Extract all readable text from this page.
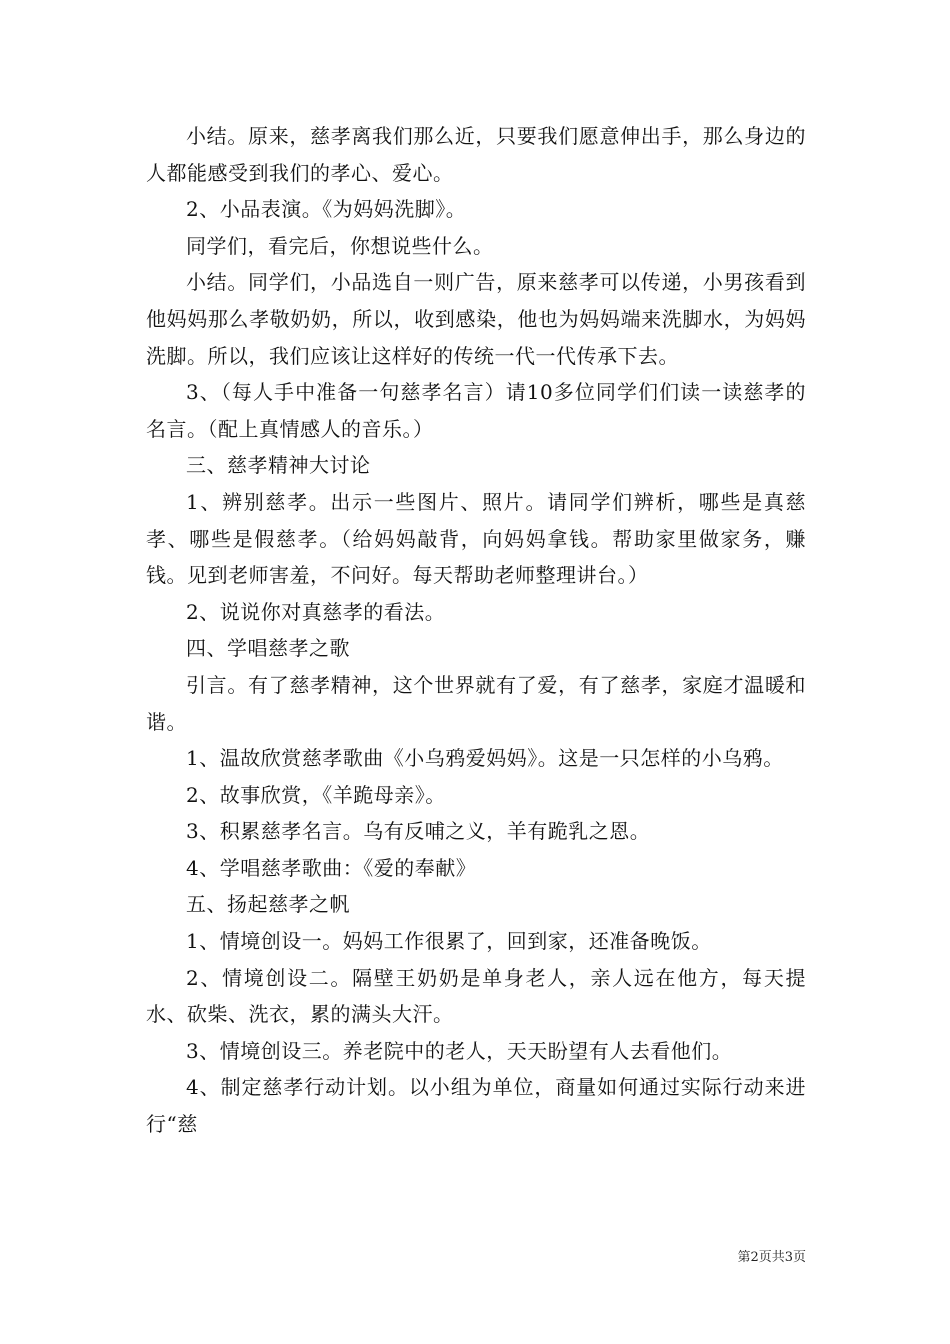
小结。原来，慈孝离我们那么近，只要我们愿意伸出手，那么身边的人都能感受到我们的孝心、爱心。

2、小品表演。《为妈妈洗脚》。

同学们，看完后，你想说些什么。

小结。同学们，小品选自一则广告，原来慈孝可以传递，小男孩看到他妈妈那么孝敬奶奶，所以，收到感染，他也为妈妈端来洗脚水，为妈妈洗脚。所以，我们应该让这样好的传统一代一代传承下去。

3、（每人手中准备一句慈孝名言）请10多位同学们们读一读慈孝的名言。（配上真情感人的音乐。）

三、慈孝精神大讨论

1、辨别慈孝。出示一些图片、照片。请同学们辨析，哪些是真慈孝、哪些是假慈孝。（给妈妈敲背，向妈妈拿钱。帮助家里做家务，赚钱。见到老师害羞，不问好。每天帮助老师整理讲台。）

2、说说你对真慈孝的看法。

四、学唱慈孝之歌

引言。有了慈孝精神，这个世界就有了爱，有了慈孝，家庭才温暖和谐。

1、温故欣赏慈孝歌曲《小乌鸦爱妈妈》。这是一只怎样的小乌鸦。

2、故事欣赏，《羊跪母亲》。

3、积累慈孝名言。乌有反哺之义，羊有跪乳之恩。

4、学唱慈孝歌曲：《爱的奉献》

五、扬起慈孝之帆

1、情境创设一。妈妈工作很累了，回到家，还准备晚饭。

2、情境创设二。隔壁王奶奶是单身老人，亲人远在他方，每天提水、砍柴、洗衣，累的满头大汗。

3、情境创设三。养老院中的老人，天天盼望有人去看他们。

4、制定慈孝行动计划。以小组为单位，商量如何通过实际行动来进行“慈

第2页共3页
